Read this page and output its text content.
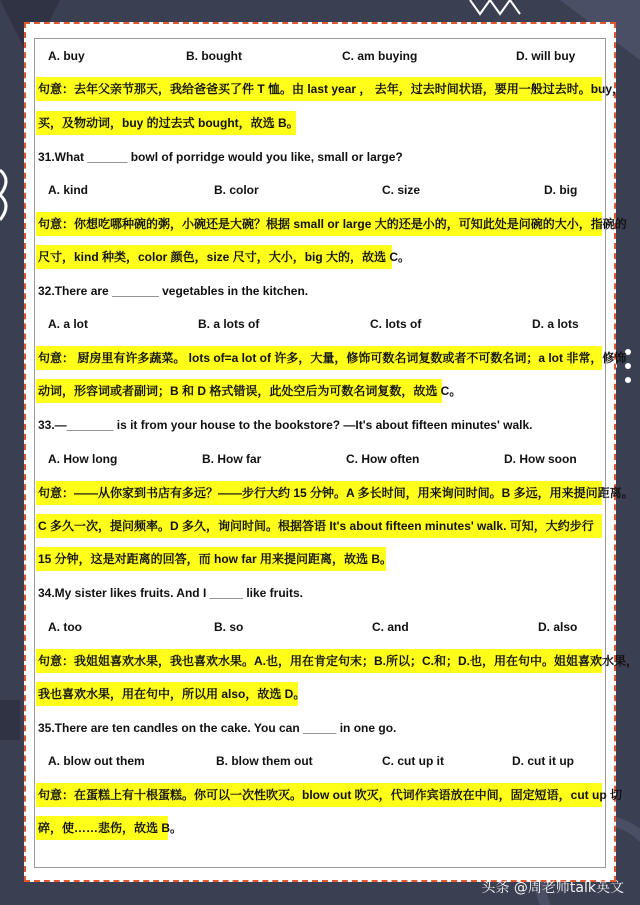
A. buy	B. bought	C. am buying	D. will buy
句意：去年父亲节那天，我给爸爸买了件 T 恤。由 last year ， 去年，过去时间状语，要用一般过去时。buy，
买，及物动词，buy 的过去式 bought，故选 B。
31.What ______ bowl of porridge would you like, small or large?
A. kind	B. color	C. size	D. big
句意：你想吃哪种碗的粥，小碗还是大碗？根据 small or large 大的还是小的，可知此处是问碗的大小，指碗的
尺寸，kind 种类，color 颜色，size 尺寸，大小，big 大的，故选 C。
32.There are _______ vegetables in the kitchen.
A. a lot	B. a lots of	C. lots of	D. a lots
句意： 厨房里有许多蔬菜。 lots of=a lot of 许多，大量，修饰可数名词复数或者不可数名词；a lot 非常，修饰
动词，形容词或者副词；B 和 D 格式错误，此处空后为可数名词复数，故选 C。
33.—_______ is it from your house to the bookstore? —It's about fifteen minutes' walk.
A. How long	B. How far	C. How often	D. How soon
句意：——从你家到书店有多远？——步行大约 15 分钟。A 多长时间，用来询问时间。B 多远，用来提问距离。
C 多久一次，提问频率。D 多久，询问时间。根据答语 It's about fifteen minutes' walk. 可知，大约步行
15 分钟，这是对距离的回答，而 how far 用来提问距离，故选 B。
34.My sister likes fruits. And I _____ like fruits.
A. too	B. so	C. and	D. also
句意：我姐姐喜欢水果，我也喜欢水果。A.也，用在肯定句末；B.所以；C.和；D.也，用在句中。姐姐喜欢水果，
我也喜欢水果，用在句中，所以用 also，故选 D。
35.There are ten candles on the cake. You can _____ in one go.
A. blow out them	B. blow them out	C. cut up it	D. cut it up
句意：在蛋糕上有十根蛋糕。你可以一次性吹灭。blow out 吹灭，代词作宾语放在中间，固定短语，cut up 切
碎，使……悲伤，故选 B。
头条 @周老师talk英文
